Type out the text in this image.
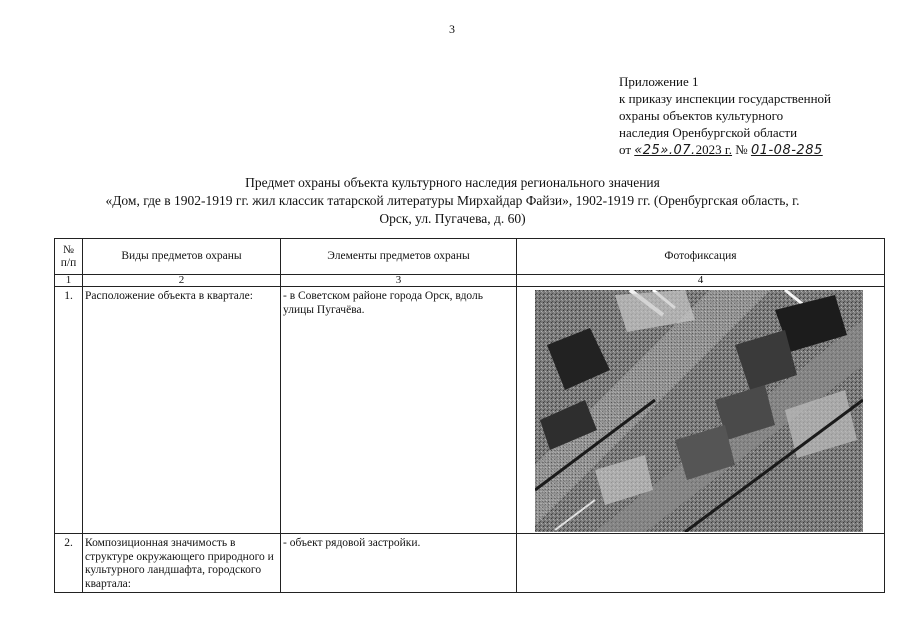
3
Приложение 1
к приказу инспекции государственной
охраны объектов культурного
наследия Оренбургской области
от «25».07.2023 г. № 01-08-285
Предмет охраны объекта культурного наследия регионального значения
«Дом, где в 1902-1919 гг. жил классик татарской литературы Мирхайдар Файзи», 1902-1919 гг. (Оренбургская область, г.
Орск, ул. Пугачева, д. 60)
№ п/п	Виды предметов охраны	Элементы предметов охраны	Фотофиксация
1	2	3	4

1.	Расположение объекта в квартале:	- в Советском районе города Орск, вдоль улицы Пугачёва.

2.	Композиционная значимость в структуре окружающего природного и культурного ландшафта, городского квартала:	- объект рядовой застройки.	
